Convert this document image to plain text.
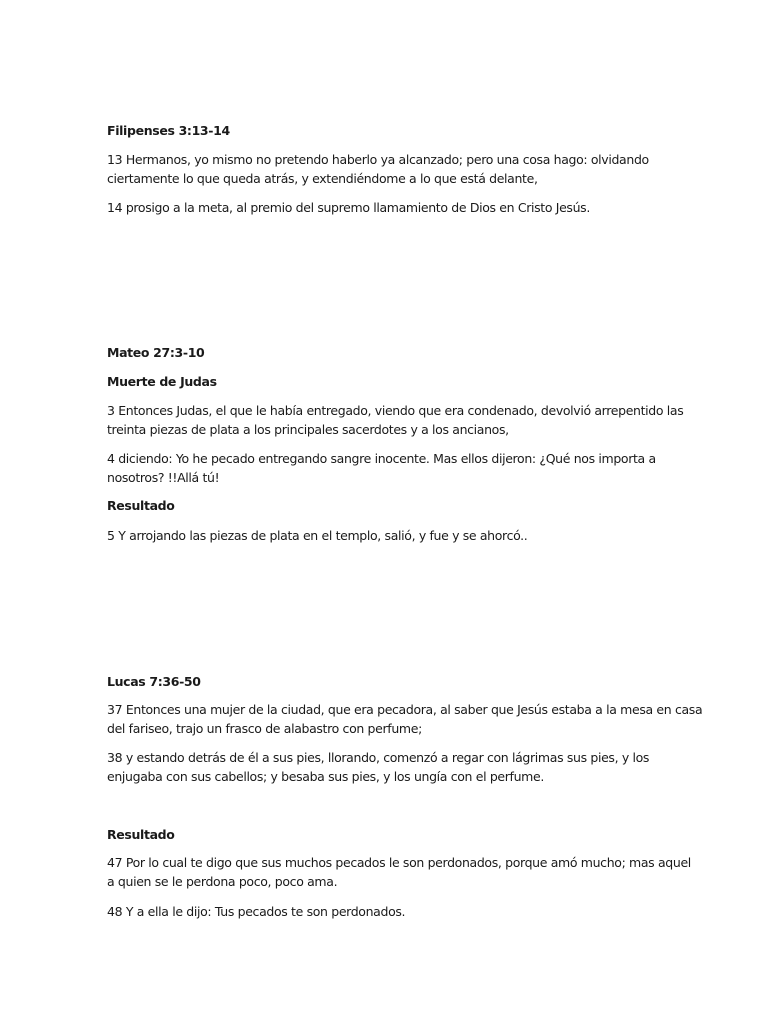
Filipenses 3:13-14
13 Hermanos, yo mismo no pretendo haberlo ya alcanzado; pero una cosa hago: olvidando
ciertamente lo que queda atrás, y extendiéndome a lo que está delante,
14 prosigo a la meta, al premio del supremo llamamiento de Dios en Cristo Jesús.
Mateo 27:3-10
Muerte de Judas
3 Entonces Judas, el que le había entregado, viendo que era condenado, devolvió arrepentido las
treinta piezas de plata a los principales sacerdotes y a los ancianos,
4 diciendo: Yo he pecado entregando sangre inocente. Mas ellos dijeron: ¿Qué nos importa a
nosotros? !!Allá tú!
Resultado
5 Y arrojando las piezas de plata en el templo, salió, y fue y se ahorcó..
Lucas 7:36-50
37 Entonces una mujer de la ciudad, que era pecadora, al saber que Jesús estaba a la mesa en casa
del fariseo, trajo un frasco de alabastro con perfume;
38 y estando detrás de él a sus pies, llorando, comenzó a regar con lágrimas sus pies, y los
enjugaba con sus cabellos; y besaba sus pies, y los ungía con el perfume.
Resultado
47 Por lo cual te digo que sus muchos pecados le son perdonados, porque amó mucho; mas aquel
a quien se le perdona poco, poco ama.
48 Y a ella le dijo: Tus pecados te son perdonados.
